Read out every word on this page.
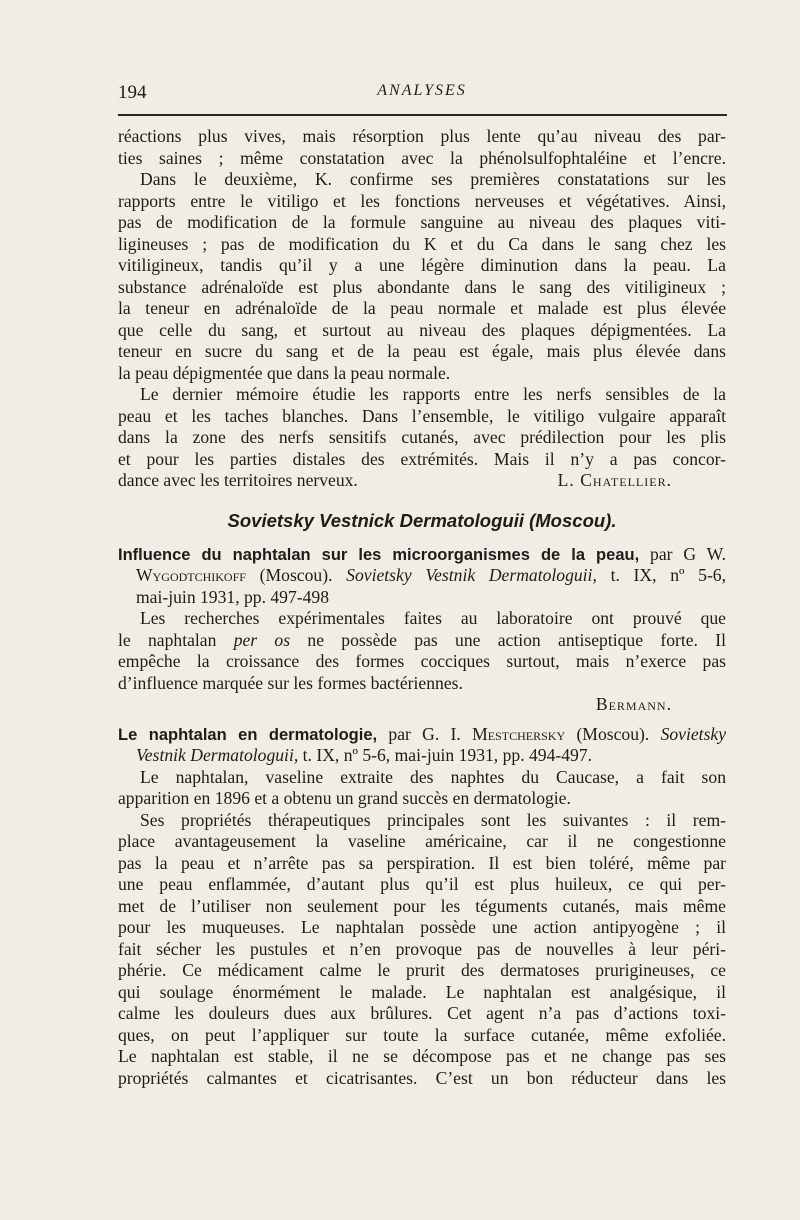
194	ANALYSES
réactions plus vives, mais résorption plus lente qu’au niveau des par-
ties saines ; même constatation avec la phénolsulfophtaléine et l’encre.
Dans le deuxième, K. confirme ses premières constatations sur les
rapports entre le vitiligo et les fonctions nerveuses et végétatives. Ainsi,
pas de modification de la formule sanguine au niveau des plaques viti-
ligineuses ; pas de modification du K et du Ca dans le sang chez les
vitiligineux, tandis qu’il y a une légère diminution dans la peau. La
substance adrénaloïde est plus abondante dans le sang des vitiligineux ;
la teneur en adrénaloïde de la peau normale et malade est plus élevée
que celle du sang, et surtout au niveau des plaques dépigmentées. La
teneur en sucre du sang et de la peau est égale, mais plus élevée dans
la peau dépigmentée que dans la peau normale.
Le dernier mémoire étudie les rapports entre les nerfs sensibles de la
peau et les taches blanches. Dans l’ensemble, le vitiligo vulgaire apparaît
dans la zone des nerfs sensitifs cutanés, avec prédilection pour les plis
et pour les parties distales des extrémités. Mais il n’y a pas concor-
dance avec les territoires nerveux.	L. Chatellier.
Sovietsky Vestnick Dermatologuii (Moscou).
Influence du naphtalan sur les microorganismes de la peau, par G W.
Wygodtchikoff (Moscou). Sovietsky Vestnik Dermatologuii, t. IX, nº 5-6,
mai-juin 1931, pp. 497-498
Les recherches expérimentales faites au laboratoire ont prouvé que
le naphtalan per os ne possède pas une action antiseptique forte. Il
empêche la croissance des formes cocciques surtout, mais n’exerce pas
d’influence marquée sur les formes bactériennes.
Bermann.
Le naphtalan en dermatologie, par G. I. Mestchersky (Moscou). Sovietsky
Vestnik Dermatologuii, t. IX, nº 5-6, mai-juin 1931, pp. 494-497.
Le naphtalan, vaseline extraite des naphtes du Caucase, a fait son
apparition en 1896 et a obtenu un grand succès en dermatologie.
Ses propriétés thérapeutiques principales sont les suivantes : il rem-
place avantageusement la vaseline américaine, car il ne congestionne
pas la peau et n’arrête pas sa perspiration. Il est bien toléré, même par
une peau enflammée, d’autant plus qu’il est plus huileux, ce qui per-
met de l’utiliser non seulement pour les téguments cutanés, mais même
pour les muqueuses. Le naphtalan possède une action antipyogène ; il
fait sécher les pustules et n’en provoque pas de nouvelles à leur péri-
phérie. Ce médicament calme le prurit des dermatoses prurigineuses, ce
qui soulage énormément le malade. Le naphtalan est analgésique, il
calme les douleurs dues aux brûlures. Cet agent n’a pas d’actions toxi-
ques, on peut l’appliquer sur toute la surface cutanée, même exfoliée.
Le naphtalan est stable, il ne se décompose pas et ne change pas ses
propriétés calmantes et cicatrisantes. C’est un bon réducteur dans les
